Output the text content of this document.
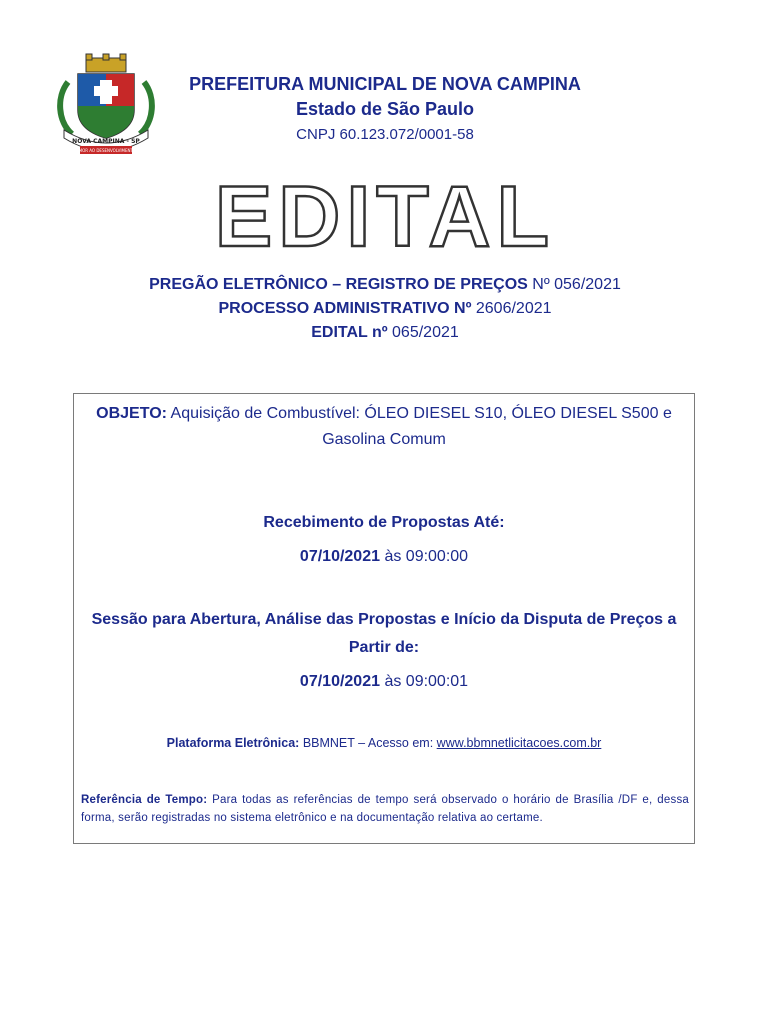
NOVA CAMPINA - SP
AMOR AO DESENVOLVIMENTO
PREFEITURA MUNICIPAL DE NOVA CAMPINA
Estado de São Paulo
CNPJ 60.123.072/0001-58
EDITAL
PREGÃO ELETRÔNICO – REGISTRO DE PREÇOS Nº 056/2021
PROCESSO ADMINISTRATIVO Nº 2606/2021
EDITAL nº 065/2021
OBJETO: Aquisição de Combustível: ÓLEO DIESEL S10, ÓLEO DIESEL S500 e Gasolina Comum
Recebimento de Propostas Até:
07/10/2021 às 09:00:00
Sessão para Abertura, Análise das Propostas e Início da Disputa de Preços a Partir de:
07/10/2021 às 09:00:01
Plataforma Eletrônica: BBMNET – Acesso em: www.bbmnetlicitacoes.com.br
Referência de Tempo: Para todas as referências de tempo será observado o horário de Brasília /DF e, dessa forma, serão registradas no sistema eletrônico e na documentação relativa ao certame.
